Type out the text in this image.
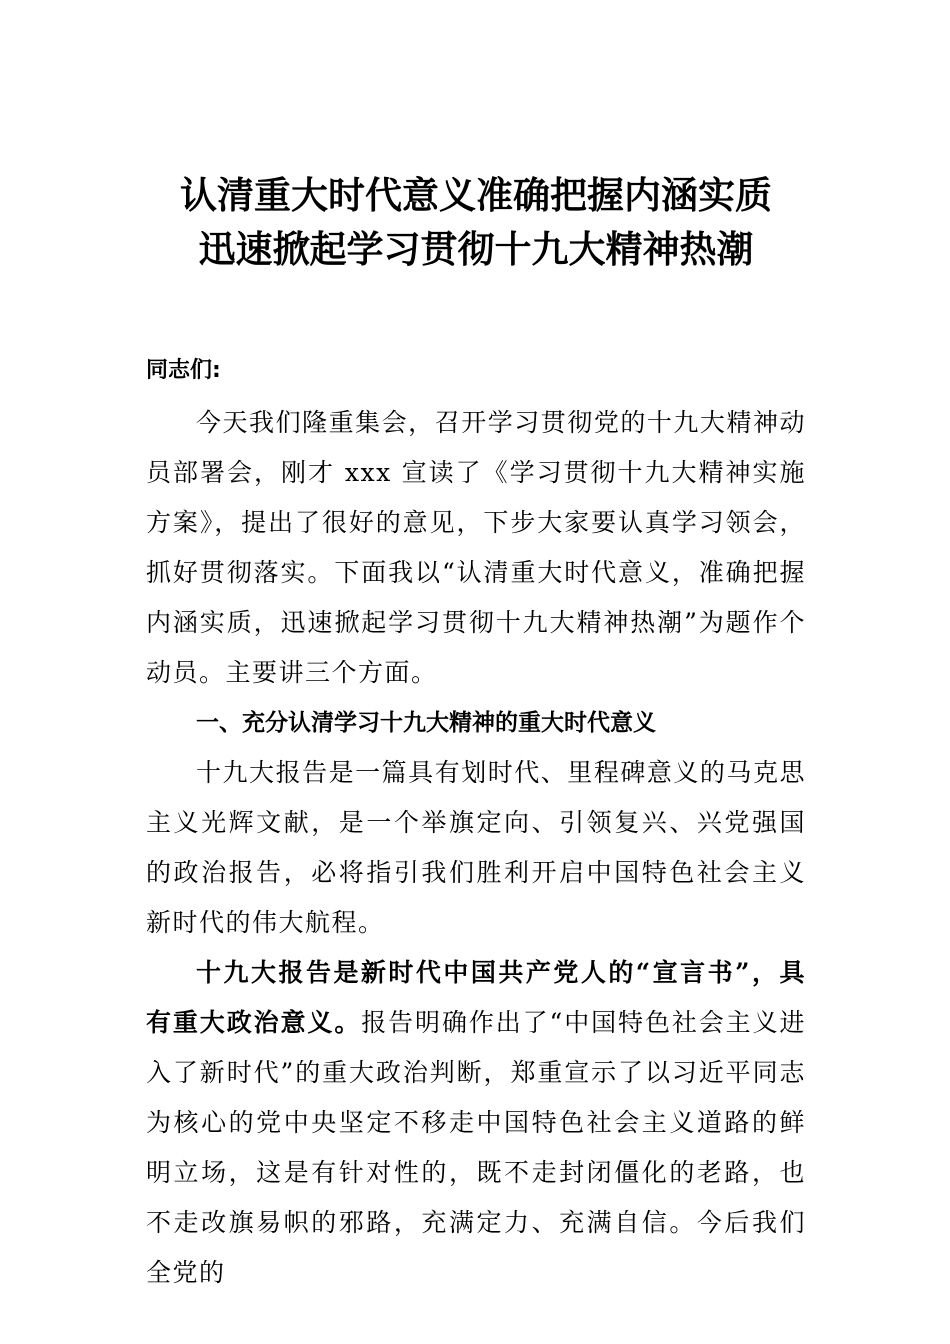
认清重大时代意义准确把握内涵实质
迅速掀起学习贯彻十九大精神热潮
同志们:

今天我们隆重集会，召开学习贯彻党的十九大精神动员部署会，刚才 xxx 宣读了《学习贯彻十九大精神实施方案》，提出了很好的意见，下步大家要认真学习领会，抓好贯彻落实。下面我以“认清重大时代意义，准确把握内涵实质，迅速掀起学习贯彻十九大精神热潮”为题作个动员。主要讲三个方面。

一、充分认清学习十九大精神的重大时代意义

十九大报告是一篇具有划时代、里程碑意义的马克思主义光辉文献，是一个举旗定向、引领复兴、兴党强国的政治报告，必将指引我们胜利开启中国特色社会主义新时代的伟大航程。

十九大报告是新时代中国共产党人的“宣言书”，具有重大政治意义。报告明确作出了“中国特色社会主义进入了新时代”的重大政治判断，郑重宣示了以习近平同志为核心的党中央坚定不移走中国特色社会主义道路的鲜明立场，这是有针对性的，既不走封闭僵化的老路，也不走改旗易帜的邪路，充满定力、充满自信。今后我们全党的
